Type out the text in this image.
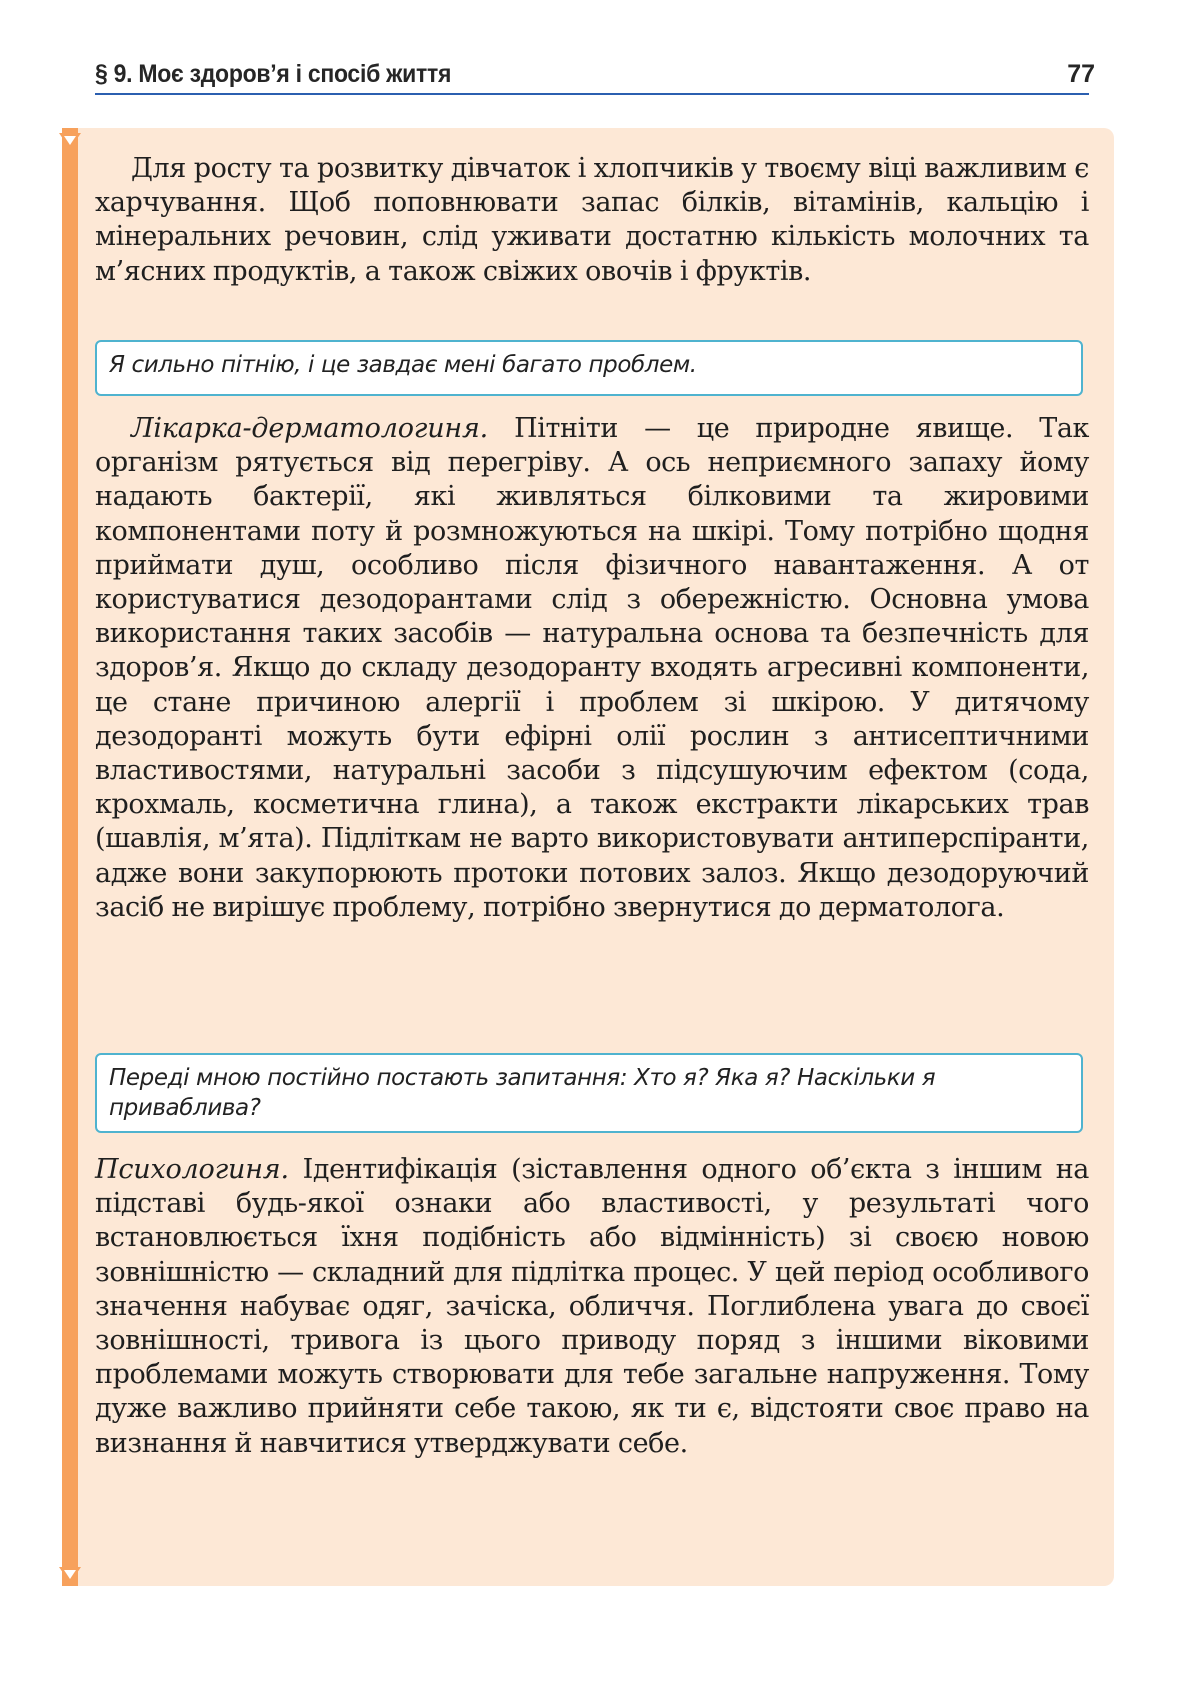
§ 9. Моє здоров’я і спосіб життя	77

Для росту та розвитку дівчаток і хлопчиків у твоєму віці важливим є харчування. Щоб поповнювати запас білків, вітамінів, кальцію і мінеральних речовин, слід уживати достатню кількість молочних та м’ясних продуктів, а також свіжих овочів і фруктів.

Я сильно пітнію, і це завдає мені багато проблем.

Лікарка-дерматологиня. Пітніти — це природне явище. Так організм рятується від перегріву. А ось неприємного запаху йому надають бактерії, які живляться білковими та жировими компонентами поту й розмножуються на шкірі. Тому потрібно щодня приймати душ, особливо після фізичного навантаження. А от користуватися дезодорантами слід з обережністю. Основна умова використання таких засобів — натуральна основа та безпечність для здоров’я. Якщо до складу дезодоранту входять агресивні компоненти, це стане причиною алергії і проблем зі шкірою. У дитячому дезодоранті можуть бути ефірні олії рослин з антисептичними властивостями, натуральні засоби з підсушуючим ефектом (сода, крохмаль, косметична глина), а також екстракти лікарських трав (шавлія, м’ята). Підліткам не варто використовувати антиперспіранти, адже вони закупорюють протоки потових залоз. Якщо дезодоруючий засіб не вирішує проблему, потрібно звернутися до дерматолога.

Переді мною постійно постають запитання: Хто я? Яка я? Наскільки я приваблива?

Психологиня. Ідентифікація (зіставлення одного об’єкта з іншим на підставі будь-якої ознаки або властивості, у результаті чого встановлюється їхня подібність або відмінність) зі своєю новою зовнішністю — складний для підлітка процес. У цей період особливого значення набуває одяг, зачіска, обличчя. Поглиблена увага до своєї зовнішності, тривога із цього приводу поряд з іншими віковими проблемами можуть створювати для тебе загальне напруження. Тому дуже важливо прийняти себе такою, як ти є, відстояти своє право на визнання й навчитися утверджувати себе.
